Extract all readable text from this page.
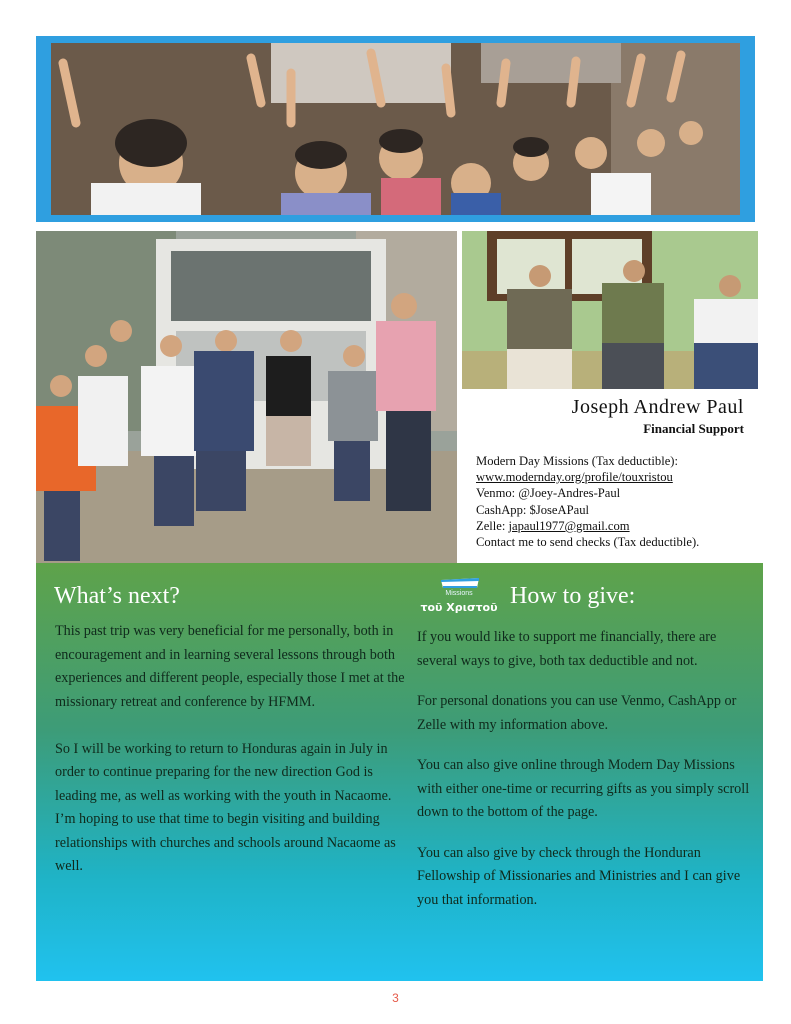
Joseph Andrew Paul
Financial Support
Modern Day Missions (Tax deductible):
www.modernday.org/profile/touxristou
Venmo: @Joey-Andres-Paul
CashApp: $JoseAPaul
Zelle: japaul1977@gmail.com
Contact me to send checks (Tax deductible).
What’s next?	Missions
τοῦ Χριστοῦ How to give:

This past trip was very beneficial for me personally, both in encouragement and in learning several lessons through both experiences and different people, especially those I met at the missionary retreat and conference by HFMM.

So I will be working to return to Honduras again in July in order to continue preparing for the new direction God is leading me, as well as working with the youth in Nacaome.

I’m hoping to use that time to begin visiting and building relationships with churches and schools around Nacaome as well.

If you would like to support me financially, there are several ways to give, both tax deductible and not.

For personal donations you can use Venmo, CashApp or Zelle with my information above.

You can also give online through Modern Day Missions with either one-time or recurring gifts as you simply scroll down to the bottom of the page.

You can also give by check through the Honduran Fellowship of Missionaries and Ministries and I can give you that information.

3
